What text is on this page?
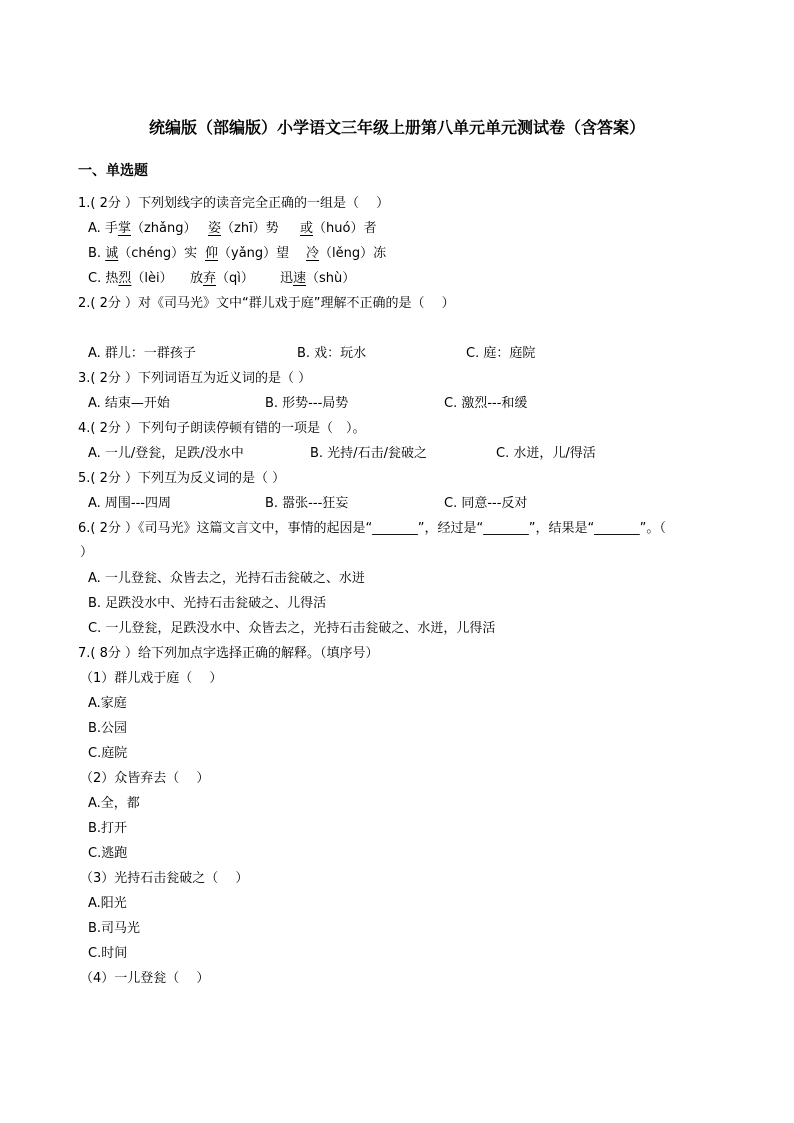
统编版（部编版）小学语文三年级上册第八单元单元测试卷（含答案）
一、单选题
1.( 2分 ）下列划线字的读音完全正确的一组是（　 ）
A. 手掌（zhǎng） 姿（zhī）势 或（huó）者
B. 诚（chéng）实 仰（yǎng）望 冷（lěng）冻
C. 热烈（lèi） 放弃（qì） 迅速（shù）
2.( 2分 ）对《司马光》文中“群儿戏于庭”理解不正确的是（　 ）
A. 群儿：一群孩子	B. 戏：玩水	C. 庭：庭院
3.( 2分 ）下列词语互为近义词的是（ ）
A. 结束—开始	B. 形势---局势	C. 激烈---和缓
4.( 2分 ）下列句子朗读停顿有错的一项是（　）。
A. 一儿/登瓮，足跌/没水中	B. 光持/石击/瓮破之	C. 水迸，儿/得活
5.( 2分 ）下列互为反义词的是（ ）
A. 周围---四周	B. 嚣张---狂妄	C. 同意---反对
6.( 2分 ）《司马光》这篇文言文中，事情的起因是“_______”，经过是“_______”，结果是“_______”。（
）
A. 一儿登瓮、众皆去之，光持石击瓮破之、水迸
B. 足跌没水中、光持石击瓮破之、儿得活
C. 一儿登瓮，足跌没水中、众皆去之，光持石击瓮破之、水迸，儿得活
7.( 8分 ）给下列加点字选择正确的解释。（填序号）
（1）群儿戏于庭（　 ）
A.家庭
B.公园
C.庭院
（2）众皆弃去（　 ）
A.全，都
B.打开
C.逃跑
（3）光持石击瓮破之（　 ）
A.阳光
B.司马光
C.时间
（4）一儿登瓮（　 ）
